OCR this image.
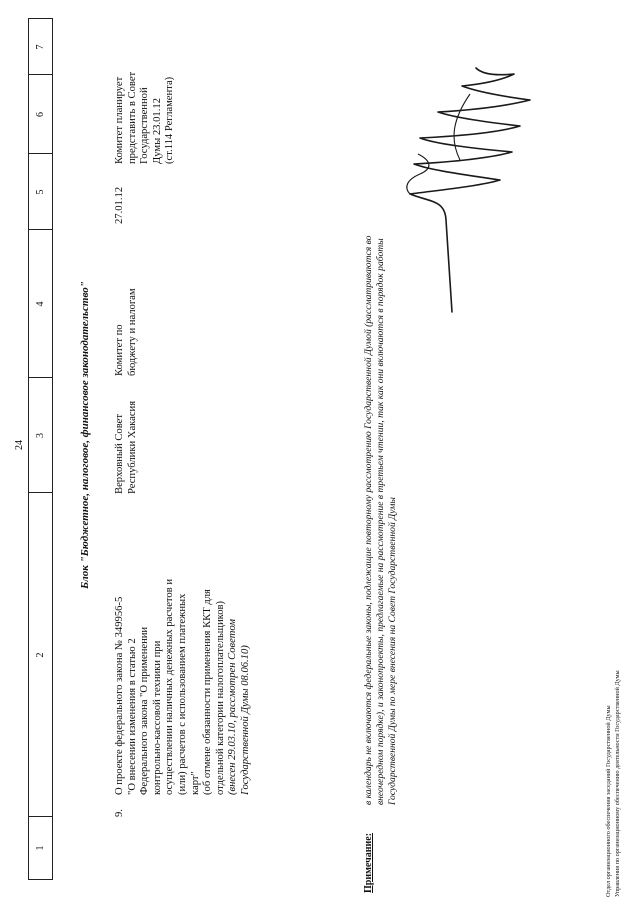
24
1
2
3
4
5
6
7
Блок "Бюджетное, налоговое, финансовое законодательство"
9.
О проекте федерального закона № 349956-5 "О внесении изменения в статью 2 Федерального закона "О применении контрольно-кассовой техники при осуществлении наличных денежных расчетов и (или) расчетов с использованием платежных карт" (об отмене обязанности применения ККТ для отдельной категории налогоплательщиков) (внесен 29.03.10, рассмотрен Советом Государственной Думы 08.06.10)
Верховный Совет Республики Хакасия
Комитет по бюджету и налогам
27.01.12
Комитет планирует представить в Совет Государственной Думы 23.01.12 (ст.114 Регламента)
Примечание:
в календарь не включаются федеральные законы, подлежащие повторному рассмотрению Государственной Думой (рассматриваются во внеочередном порядке), и законопроекты, предлагаемые на рассмотрение в третьем чтении, так как они включаются в порядок работы Государственной Думы по мере внесения на Совет Государственной Думы	Отдел организационного обеспечения заседаний Государственной Думы Управления по организационному обеспечению деятельности Государственной Думы
